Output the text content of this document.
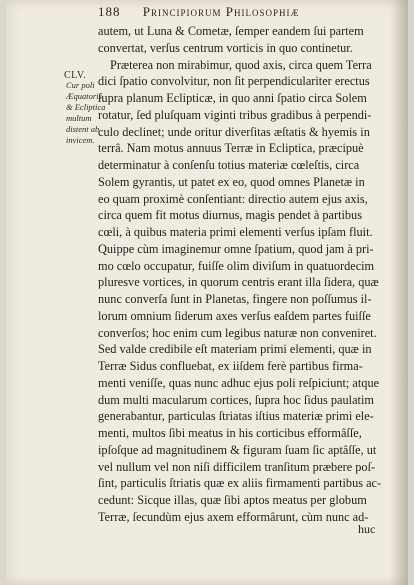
188 Principiorum Philosophiæ
CLV.
Cur poli
Æquatoris
& Ecliptica
multum
distent ab
invicem.
autem, ut Luna & Cometæ, ſemper eandem ſui partem
convertat, verſus centrum vorticis in quo continetur.
Præterea non mirabimur, quod axis, circa quem Terra
dici ſpatio convolvitur, non ſit perpendiculariter erectus
ſupra planum Eclipticæ, in quo anni ſpatio circa Solem
rotatur, ſed pluſquam viginti tribus gradibus à perpendi-
culo declinet; unde oritur diverſitas æſtatis & hyemis in
terrâ. Nam motus annuus Terræ in Ecliptica, præcipuè
determinatur à conſenſu totius materiæ cœleſtis, circa
Solem gyrantis, ut patet ex eo, quod omnes Planetæ in
eo quam proximè conſentiant: directio autem ejus axis,
circa quem fit motus diurnus, magis pendet à partibus
cœli, à quibus materia primi elementi verſus ipſam fluit.
Quippe cùm imaginemur omne ſpatium, quod jam à pri-
mo cœlo occupatur, fuiſſe olim diviſum in quatuordecim
pluresve vortices, in quorum centris erant illa ſidera, quæ
nunc converſa ſunt in Planetas, fingere non poſſumus il-
lorum omnium ſiderum axes verſus eaſdem partes fuiſſe
converſos; hoc enim cum legibus naturæ non conveniret.
Sed valde credibile eſt materiam primi elementi, quæ in
Terræ Sidus confluebat, ex iiſdem ferè partibus firma-
menti veniſſe, quas nunc adhuc ejus poli reſpiciunt; atque
dum multi macularum cortices, ſupra hoc ſidus paulatim
generabantur, particulas ſtriatas iſtius materiæ primi ele-
menti, multos ſibi meatus in his corticibus efformâſſe,
ipſoſque ad magnitudinem & figuram ſuam ſic aptâſſe, ut
vel nullum vel non niſi difficilem tranſitum præbere poſ-
ſint, particulis ſtriatis quæ ex aliis firmamenti partibus ac-
cedunt: Sicque illas, quæ ſibi aptos meatus per globum
Terræ, ſecundùm ejus axem efformârunt, cùm nunc ad-
huc
